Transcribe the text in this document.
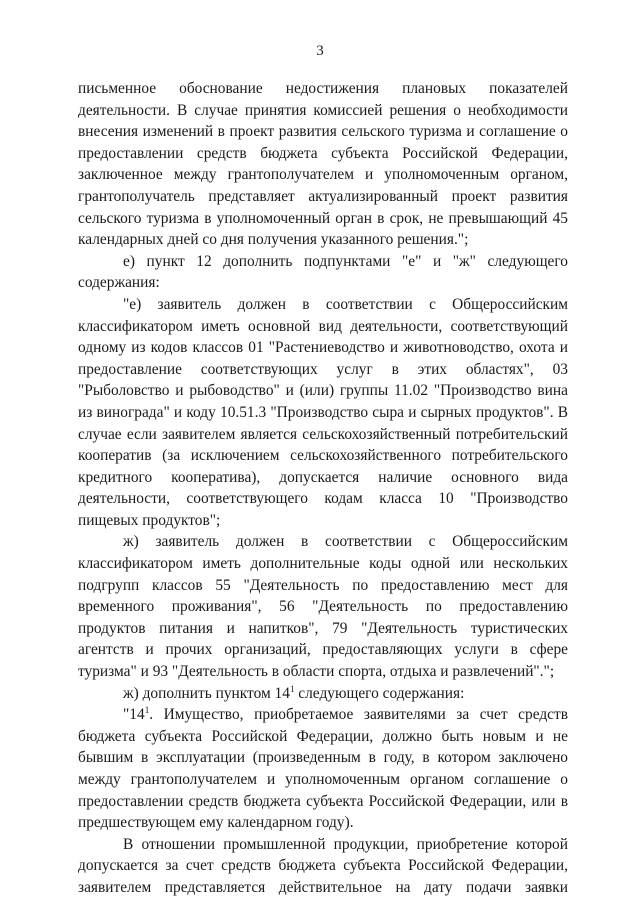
3

письменное обоснование недостижения плановых показателей деятельности. В случае принятия комиссией решения о необходимости внесения изменений в проект развития сельского туризма и соглашение о предоставлении средств бюджета субъекта Российской Федерации, заключенное между грантополучателем и уполномоченным органом, грантополучатель представляет актуализированный проект развития сельского туризма в уполномоченный орган в срок, не превышающий 45 календарных дней со дня получения указанного решения.";

е) пункт 12 дополнить подпунктами "е" и "ж" следующего содержания:

"е) заявитель должен в соответствии с Общероссийским классификатором иметь основной вид деятельности, соответствующий одному из кодов классов 01 "Растениеводство и животноводство, охота и предоставление соответствующих услуг в этих областях", 03 "Рыболовство и рыбоводство" и (или) группы 11.02 "Производство вина из винограда" и коду 10.51.3 "Производство сыра и сырных продуктов". В случае если заявителем является сельскохозяйственный потребительский кооператив (за исключением сельскохозяйственного потребительского кредитного кооператива), допускается наличие основного вида деятельности, соответствующего кодам класса 10 "Производство пищевых продуктов";

ж) заявитель должен в соответствии с Общероссийским классификатором иметь дополнительные коды одной или нескольких подгрупп классов 55 "Деятельность по предоставлению мест для временного проживания", 56 "Деятельность по предоставлению продуктов питания и напитков", 79 "Деятельность туристических агентств и прочих организаций, предоставляющих услуги в сфере туризма" и 93 "Деятельность в области спорта, отдыха и развлечений".";

ж) дополнить пунктом $14^1$ следующего содержания:

"$14^1$. Имущество, приобретаемое заявителями за счет средств бюджета субъекта Российской Федерации, должно быть новым и не бывшим в эксплуатации (произведенным в году, в котором заключено между грантополучателем и уполномоченным органом соглашение о предоставлении средств бюджета субъекта Российской Федерации, или в предшествующем ему календарном году).

В отношении промышленной продукции, приобретение которой допускается за счет средств бюджета субъекта Российской Федерации, заявителем представляется действительное на дату подачи заявки
